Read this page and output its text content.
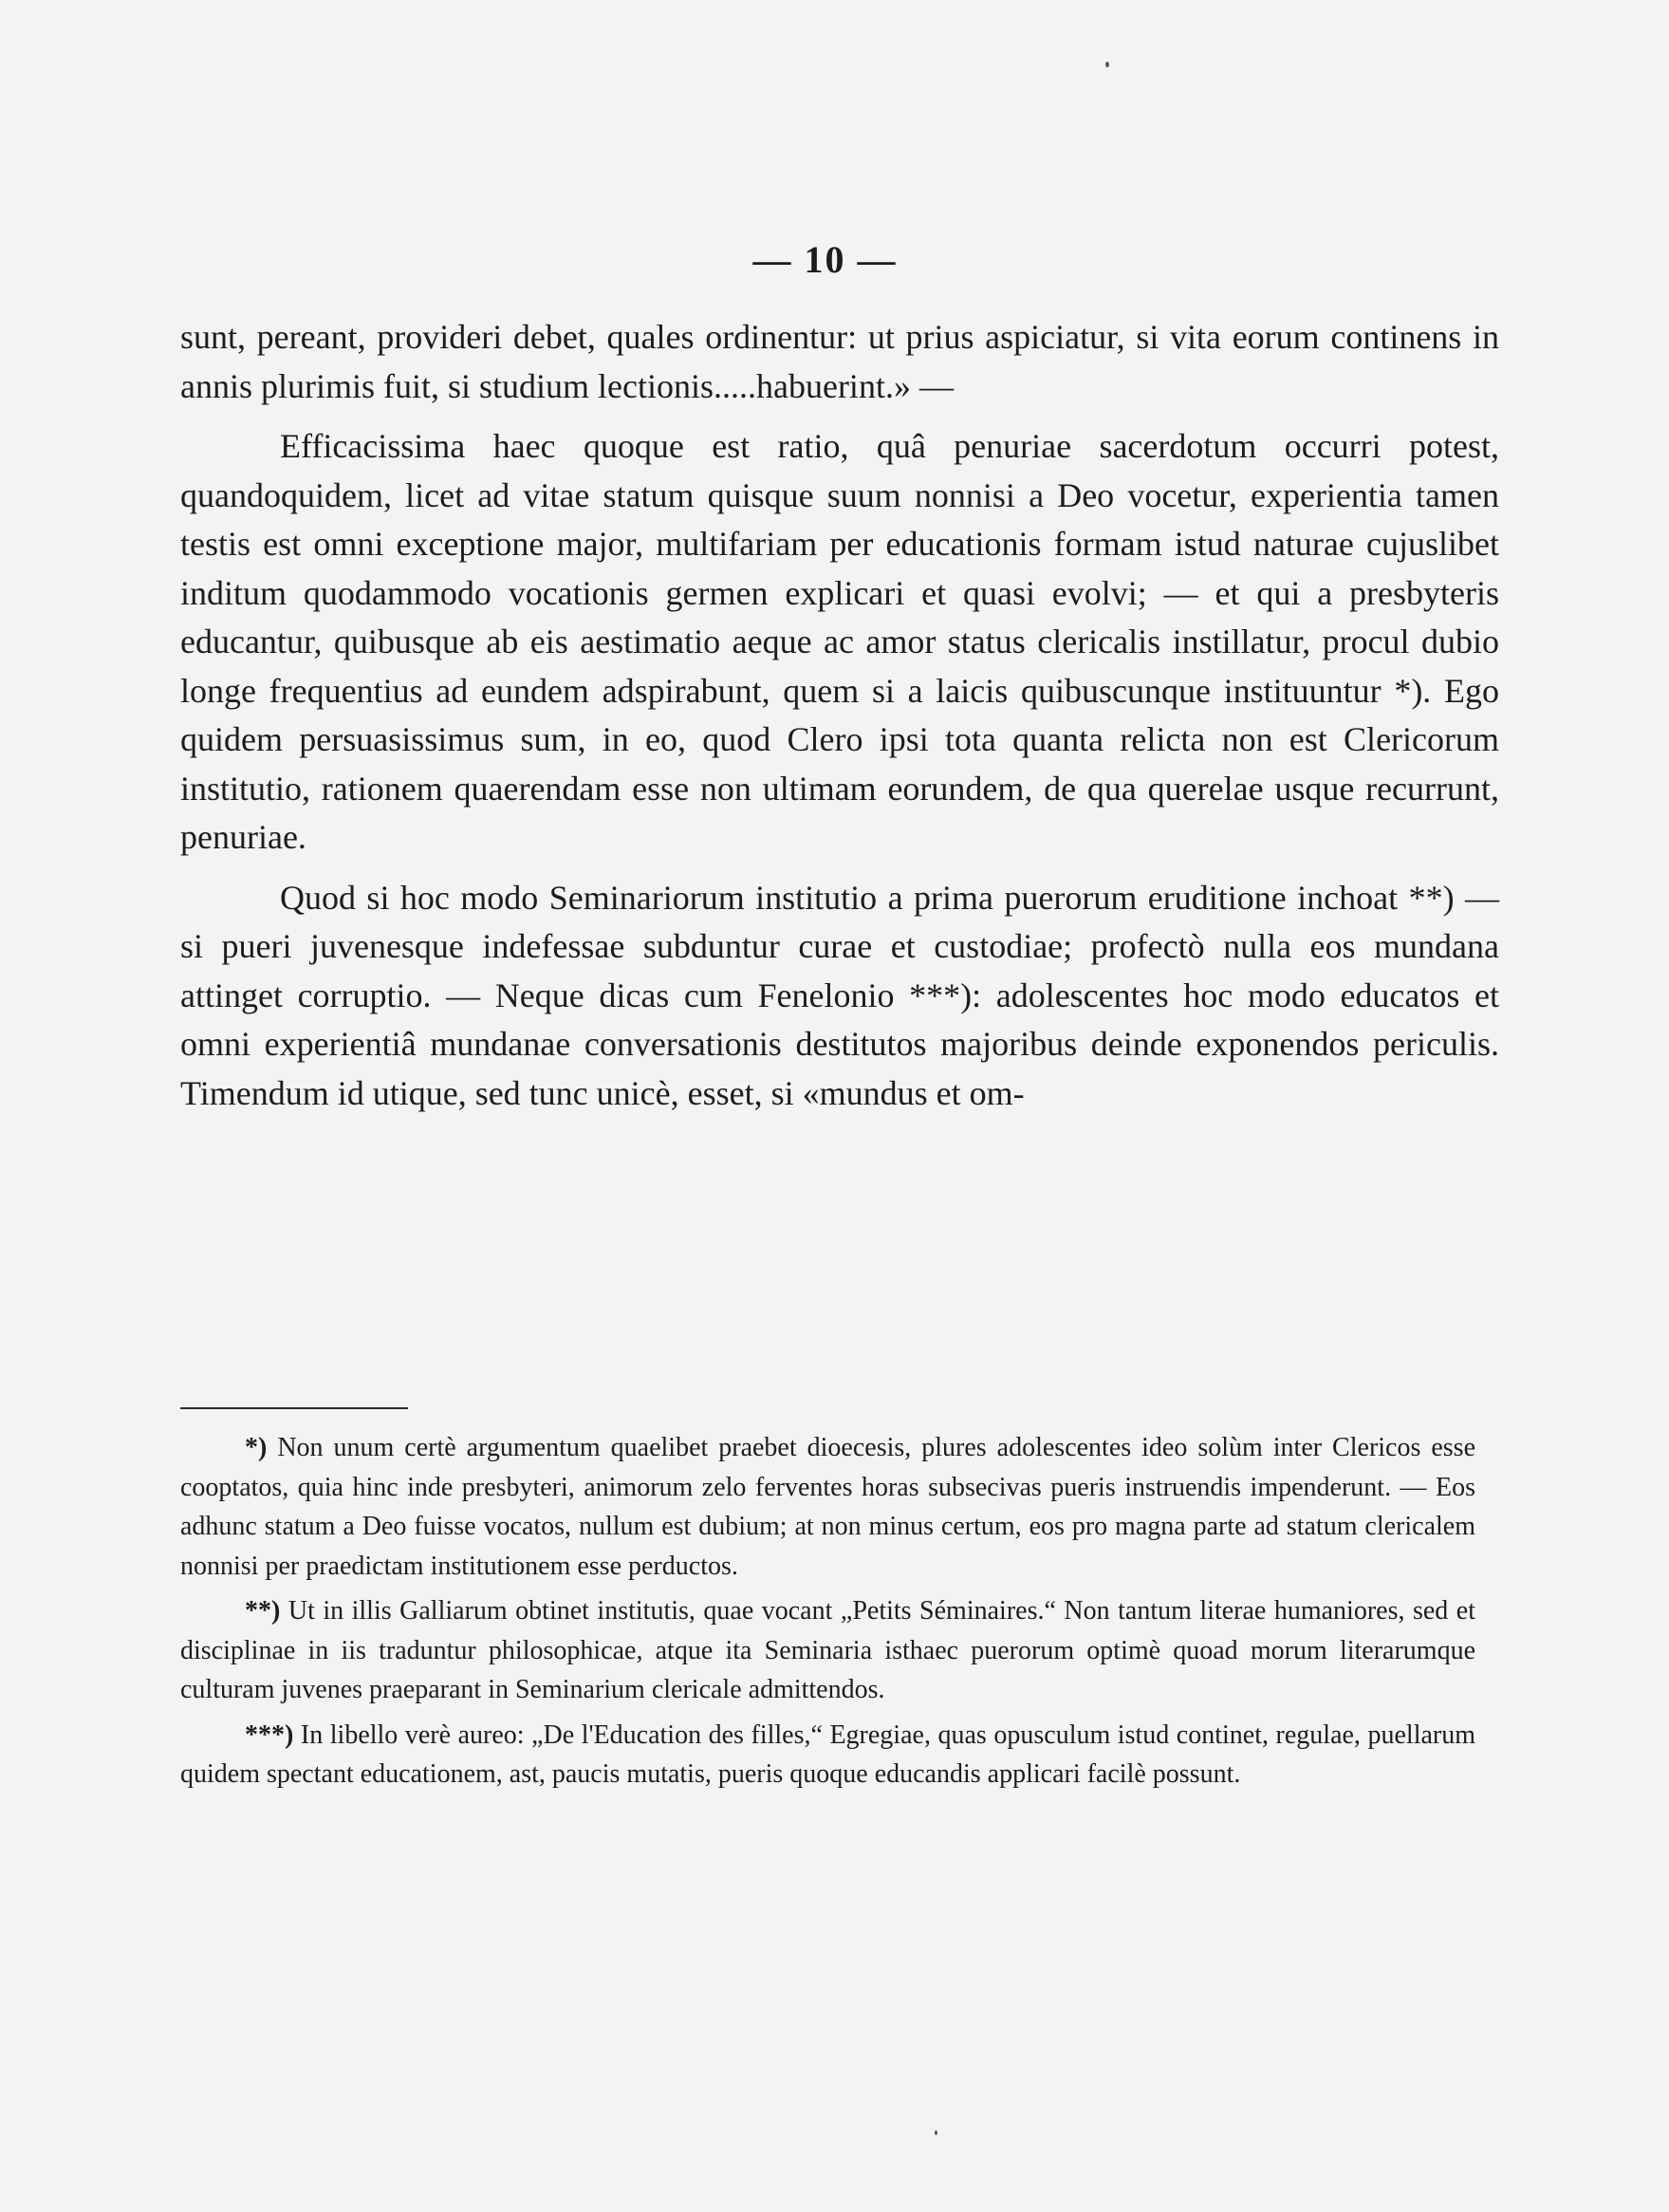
— 10 —

sunt, pereant, provideri debet, quales ordinentur: ut prius aspiciatur, si vita eorum continens in annis plurimis fuit, si studium lectionis.....habuerint.» —

Efficacissima haec quoque est ratio, quâ penuriae sacerdotum occurri potest, quandoquidem, licet ad vitae statum quisque suum nonnisi a Deo vocetur, experientia tamen testis est omni exceptione major, multifariam per educationis formam istud naturae cujuslibet inditum quodammodo vocationis germen explicari et quasi evolvi; — et qui a presbyteris educantur, quibusque ab eis aestimatio aeque ac amor status clericalis instillatur, procul dubio longe frequentius ad eundem adspirabunt, quem si a laicis quibuscunque instituuntur *). Ego quidem persuasissimus sum, in eo, quod Clero ipsi tota quanta relicta non est Clericorum institutio, rationem quaerendam esse non ultimam eorundem, de qua querelae usque recurrunt, penuriae.

Quod si hoc modo Seminariorum institutio a prima puerorum eruditione inchoat **) — si pueri juvenesque indefessae subduntur curae et custodiae; profectò nulla eos mundana attinget corruptio. — Neque dicas cum Fenelonio ***): adolescentes hoc modo educatos et omni experientiâ mundanae conversationis destitutos majoribus deinde exponendos periculis. Timendum id utique, sed tunc unicè, esset, si «mundus et om-

*) Non unum certè argumentum quaelibet praebet dioecesis, plures adolescentes ideo solùm inter Clericos esse cooptatos, quia hinc inde presbyteri, animorum zelo ferventes horas subsecivas pueris instruendis impenderunt. — Eos adhunc statum a Deo fuisse vocatos, nullum est dubium; at non minus certum, eos pro magna parte ad statum clericalem nonnisi per praedictam institutionem esse perductos.

**) Ut in illis Galliarum obtinet institutis, quae vocant „Petits Séminaires.“ Non tantum literae humaniores, sed et disciplinae in iis traduntur philosophicae, atque ita Seminaria isthaec puerorum optimè quoad morum literarumque culturam juvenes praeparant in Seminarium clericale admittendos.

***) In libello verè aureo: „De l'Education des filles,“ Egregiae, quas opusculum istud continet, regulae, puellarum quidem spectant educationem, ast, paucis mutatis, pueris quoque educandis applicari facilè possunt.
